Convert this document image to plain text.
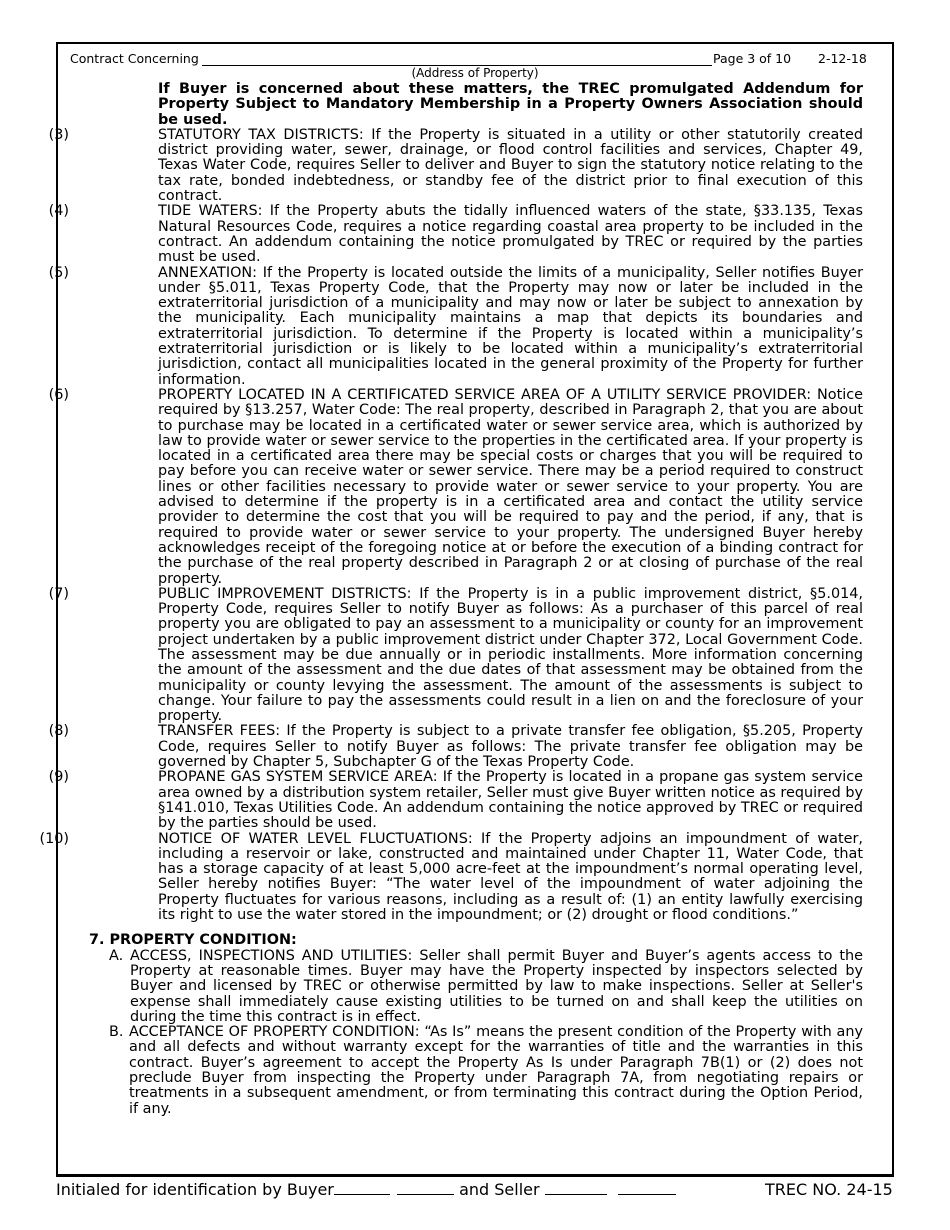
Contract Concerning
(Address of Property)
Page 3 of 10 2-12-18
If Buyer is concerned about these matters, the TREC promulgated Addendum for Property Subject to Mandatory Membership in a Property Owners Association should be used.
(3)	STATUTORY TAX DISTRICTS: If the Property is situated in a utility or other statutorily created district providing water, sewer, drainage, or flood control facilities and services, Chapter 49, Texas Water Code, requires Seller to deliver and Buyer to sign the statutory notice relating to the tax rate, bonded indebtedness, or standby fee of the district prior to final execution of this contract.
(4)	TIDE WATERS: If the Property abuts the tidally influenced waters of the state, §33.135, Texas Natural Resources Code, requires a notice regarding coastal area property to be included in the contract. An addendum containing the notice promulgated by TREC or required by the parties must be used.
(5)	ANNEXATION: If the Property is located outside the limits of a municipality, Seller notifies Buyer under §5.011, Texas Property Code, that the Property may now or later be included in the extraterritorial jurisdiction of a municipality and may now or later be subject to annexation by the municipality. Each municipality maintains a map that depicts its boundaries and extraterritorial jurisdiction. To determine if the Property is located within a municipality’s extraterritorial jurisdiction or is likely to be located within a municipality’s extraterritorial jurisdiction, contact all municipalities located in the general proximity of the Property for further information.
(6)	PROPERTY LOCATED IN A CERTIFICATED SERVICE AREA OF A UTILITY SERVICE PROVIDER: Notice required by §13.257, Water Code: The real property, described in Paragraph 2, that you are about to purchase may be located in a certificated water or sewer service area, which is authorized by law to provide water or sewer service to the properties in the certificated area. If your property is located in a certificated area there may be special costs or charges that you will be required to pay before you can receive water or sewer service. There may be a period required to construct lines or other facilities necessary to provide water or sewer service to your property. You are advised to determine if the property is in a certificated area and contact the utility service provider to determine the cost that you will be required to pay and the period, if any, that is required to provide water or sewer service to your property. The undersigned Buyer hereby acknowledges receipt of the foregoing notice at or before the execution of a binding contract for the purchase of the real property described in Paragraph 2 or at closing of purchase of the real property.
(7)	PUBLIC IMPROVEMENT DISTRICTS: If the Property is in a public improvement district, §5.014, Property Code, requires Seller to notify Buyer as follows: As a purchaser of this parcel of real property you are obligated to pay an assessment to a municipality or county for an improvement project undertaken by a public improvement district under Chapter 372, Local Government Code. The assessment may be due annually or in periodic installments. More information concerning the amount of the assessment and the due dates of that assessment may be obtained from the municipality or county levying the assessment. The amount of the assessments is subject to change. Your failure to pay the assessments could result in a lien on and the foreclosure of your property.
(8)	TRANSFER FEES: If the Property is subject to a private transfer fee obligation, §5.205, Property Code, requires Seller to notify Buyer as follows: The private transfer fee obligation may be governed by Chapter 5, Subchapter G of the Texas Property Code.
(9)	PROPANE GAS SYSTEM SERVICE AREA: If the Property is located in a propane gas system service area owned by a distribution system retailer, Seller must give Buyer written notice as required by §141.010, Texas Utilities Code. An addendum containing the notice approved by TREC or required by the parties should be used.
(10)	NOTICE OF WATER LEVEL FLUCTUATIONS: If the Property adjoins an impoundment of water, including a reservoir or lake, constructed and maintained under Chapter 11, Water Code, that has a storage capacity of at least 5,000 acre-feet at the impoundment’s normal operating level, Seller hereby notifies Buyer: “The water level of the impoundment of water adjoining the Property fluctuates for various reasons, including as a result of: (1) an entity lawfully exercising its right to use the water stored in the impoundment; or (2) drought or flood conditions.”
7. PROPERTY CONDITION:
A. ACCESS, INSPECTIONS AND UTILITIES: Seller shall permit Buyer and Buyer’s agents access to the Property at reasonable times. Buyer may have the Property inspected by inspectors selected by Buyer and licensed by TREC or otherwise permitted by law to make inspections. Seller at Seller's expense shall immediately cause existing utilities to be turned on and shall keep the utilities on during the time this contract is in effect.
B. ACCEPTANCE OF PROPERTY CONDITION: “As Is” means the present condition of the Property with any and all defects and without warranty except for the warranties of title and the warranties in this contract. Buyer’s agreement to accept the Property As Is under Paragraph 7B(1) or (2) does not preclude Buyer from inspecting the Property under Paragraph 7A, from negotiating repairs or treatments in a subsequent amendment, or from terminating this contract during the Option Period, if any.
Initialed for identification by Buyer	and Seller	TREC NO. 24-15
